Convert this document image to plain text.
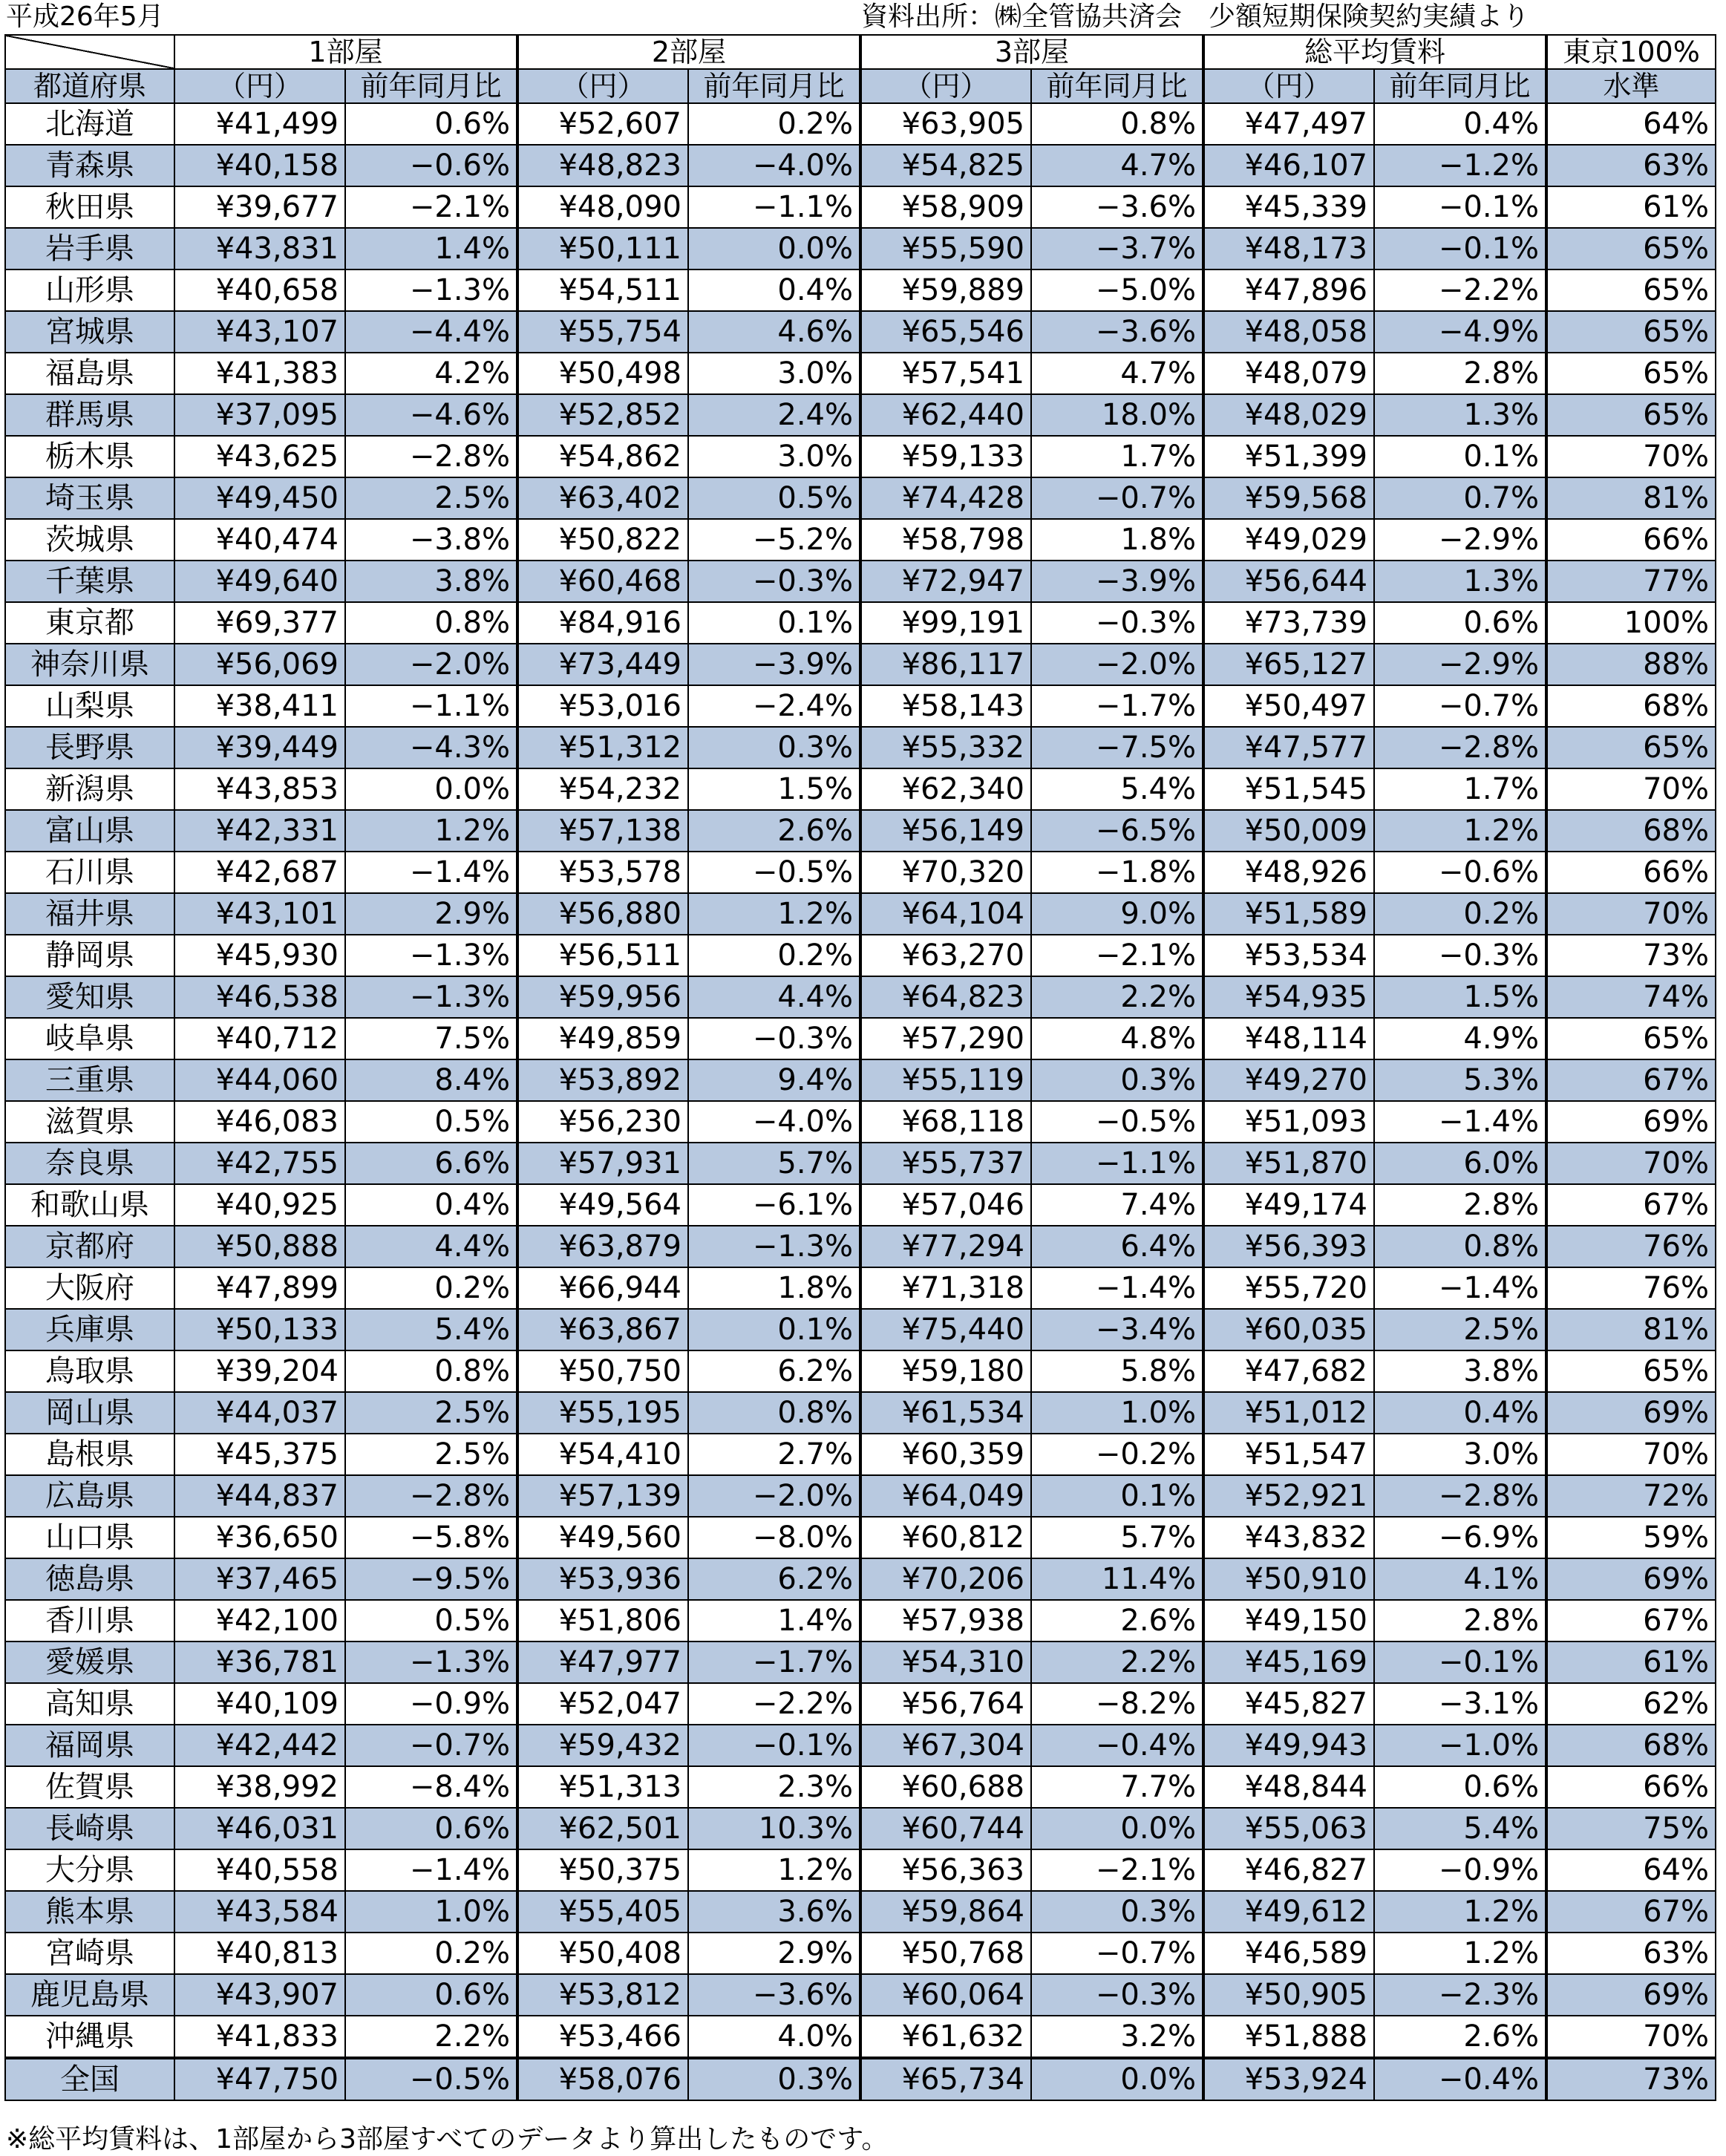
平成26年5月	資料出所：㈱全管協共済会　少額短期保険契約実績より
	1部屋		2部屋		3部屋		総平均賃料		東京100%
都道府県	（円）	前年同月比	（円）	前年同月比	（円）	前年同月比	（円）	前年同月比	水準
北海道	¥41,499	0.6%	¥52,607	0.2%	¥63,905	0.8%	¥47,497	0.4%	64%
青森県	¥40,158	−0.6%	¥48,823	−4.0%	¥54,825	4.7%	¥46,107	−1.2%	63%
秋田県	¥39,677	−2.1%	¥48,090	−1.1%	¥58,909	−3.6%	¥45,339	−0.1%	61%
岩手県	¥43,831	1.4%	¥50,111	0.0%	¥55,590	−3.7%	¥48,173	−0.1%	65%
山形県	¥40,658	−1.3%	¥54,511	0.4%	¥59,889	−5.0%	¥47,896	−2.2%	65%
宮城県	¥43,107	−4.4%	¥55,754	4.6%	¥65,546	−3.6%	¥48,058	−4.9%	65%
福島県	¥41,383	4.2%	¥50,498	3.0%	¥57,541	4.7%	¥48,079	2.8%	65%
群馬県	¥37,095	−4.6%	¥52,852	2.4%	¥62,440	18.0%	¥48,029	1.3%	65%
栃木県	¥43,625	−2.8%	¥54,862	3.0%	¥59,133	1.7%	¥51,399	0.1%	70%
埼玉県	¥49,450	2.5%	¥63,402	0.5%	¥74,428	−0.7%	¥59,568	0.7%	81%
茨城県	¥40,474	−3.8%	¥50,822	−5.2%	¥58,798	1.8%	¥49,029	−2.9%	66%
千葉県	¥49,640	3.8%	¥60,468	−0.3%	¥72,947	−3.9%	¥56,644	1.3%	77%
東京都	¥69,377	0.8%	¥84,916	0.1%	¥99,191	−0.3%	¥73,739	0.6%	100%
神奈川県	¥56,069	−2.0%	¥73,449	−3.9%	¥86,117	−2.0%	¥65,127	−2.9%	88%
山梨県	¥38,411	−1.1%	¥53,016	−2.4%	¥58,143	−1.7%	¥50,497	−0.7%	68%
長野県	¥39,449	−4.3%	¥51,312	0.3%	¥55,332	−7.5%	¥47,577	−2.8%	65%
新潟県	¥43,853	0.0%	¥54,232	1.5%	¥62,340	5.4%	¥51,545	1.7%	70%
富山県	¥42,331	1.2%	¥57,138	2.6%	¥56,149	−6.5%	¥50,009	1.2%	68%
石川県	¥42,687	−1.4%	¥53,578	−0.5%	¥70,320	−1.8%	¥48,926	−0.6%	66%
福井県	¥43,101	2.9%	¥56,880	1.2%	¥64,104	9.0%	¥51,589	0.2%	70%
静岡県	¥45,930	−1.3%	¥56,511	0.2%	¥63,270	−2.1%	¥53,534	−0.3%	73%
愛知県	¥46,538	−1.3%	¥59,956	4.4%	¥64,823	2.2%	¥54,935	1.5%	74%
岐阜県	¥40,712	7.5%	¥49,859	−0.3%	¥57,290	4.8%	¥48,114	4.9%	65%
三重県	¥44,060	8.4%	¥53,892	9.4%	¥55,119	0.3%	¥49,270	5.3%	67%
滋賀県	¥46,083	0.5%	¥56,230	−4.0%	¥68,118	−0.5%	¥51,093	−1.4%	69%
奈良県	¥42,755	6.6%	¥57,931	5.7%	¥55,737	−1.1%	¥51,870	6.0%	70%
和歌山県	¥40,925	0.4%	¥49,564	−6.1%	¥57,046	7.4%	¥49,174	2.8%	67%
京都府	¥50,888	4.4%	¥63,879	−1.3%	¥77,294	6.4%	¥56,393	0.8%	76%
大阪府	¥47,899	0.2%	¥66,944	1.8%	¥71,318	−1.4%	¥55,720	−1.4%	76%
兵庫県	¥50,133	5.4%	¥63,867	0.1%	¥75,440	−3.4%	¥60,035	2.5%	81%
鳥取県	¥39,204	0.8%	¥50,750	6.2%	¥59,180	5.8%	¥47,682	3.8%	65%
岡山県	¥44,037	2.5%	¥55,195	0.8%	¥61,534	1.0%	¥51,012	0.4%	69%
島根県	¥45,375	2.5%	¥54,410	2.7%	¥60,359	−0.2%	¥51,547	3.0%	70%
広島県	¥44,837	−2.8%	¥57,139	−2.0%	¥64,049	0.1%	¥52,921	−2.8%	72%
山口県	¥36,650	−5.8%	¥49,560	−8.0%	¥60,812	5.7%	¥43,832	−6.9%	59%
徳島県	¥37,465	−9.5%	¥53,936	6.2%	¥70,206	11.4%	¥50,910	4.1%	69%
香川県	¥42,100	0.5%	¥51,806	1.4%	¥57,938	2.6%	¥49,150	2.8%	67%
愛媛県	¥36,781	−1.3%	¥47,977	−1.7%	¥54,310	2.2%	¥45,169	−0.1%	61%
高知県	¥40,109	−0.9%	¥52,047	−2.2%	¥56,764	−8.2%	¥45,827	−3.1%	62%
福岡県	¥42,442	−0.7%	¥59,432	−0.1%	¥67,304	−0.4%	¥49,943	−1.0%	68%
佐賀県	¥38,992	−8.4%	¥51,313	2.3%	¥60,688	7.7%	¥48,844	0.6%	66%
長崎県	¥46,031	0.6%	¥62,501	10.3%	¥60,744	0.0%	¥55,063	5.4%	75%
大分県	¥40,558	−1.4%	¥50,375	1.2%	¥56,363	−2.1%	¥46,827	−0.9%	64%
熊本県	¥43,584	1.0%	¥55,405	3.6%	¥59,864	0.3%	¥49,612	1.2%	67%
宮崎県	¥40,813	0.2%	¥50,408	2.9%	¥50,768	−0.7%	¥46,589	1.2%	63%
鹿児島県	¥43,907	0.6%	¥53,812	−3.6%	¥60,064	−0.3%	¥50,905	−2.3%	69%
沖縄県	¥41,833	2.2%	¥53,466	4.0%	¥61,632	3.2%	¥51,888	2.6%	70%
全国	¥47,750	−0.5%	¥58,076	0.3%	¥65,734	0.0%	¥53,924	−0.4%	73%
※総平均賃料は、1部屋から3部屋すべてのデータより算出したものです。
